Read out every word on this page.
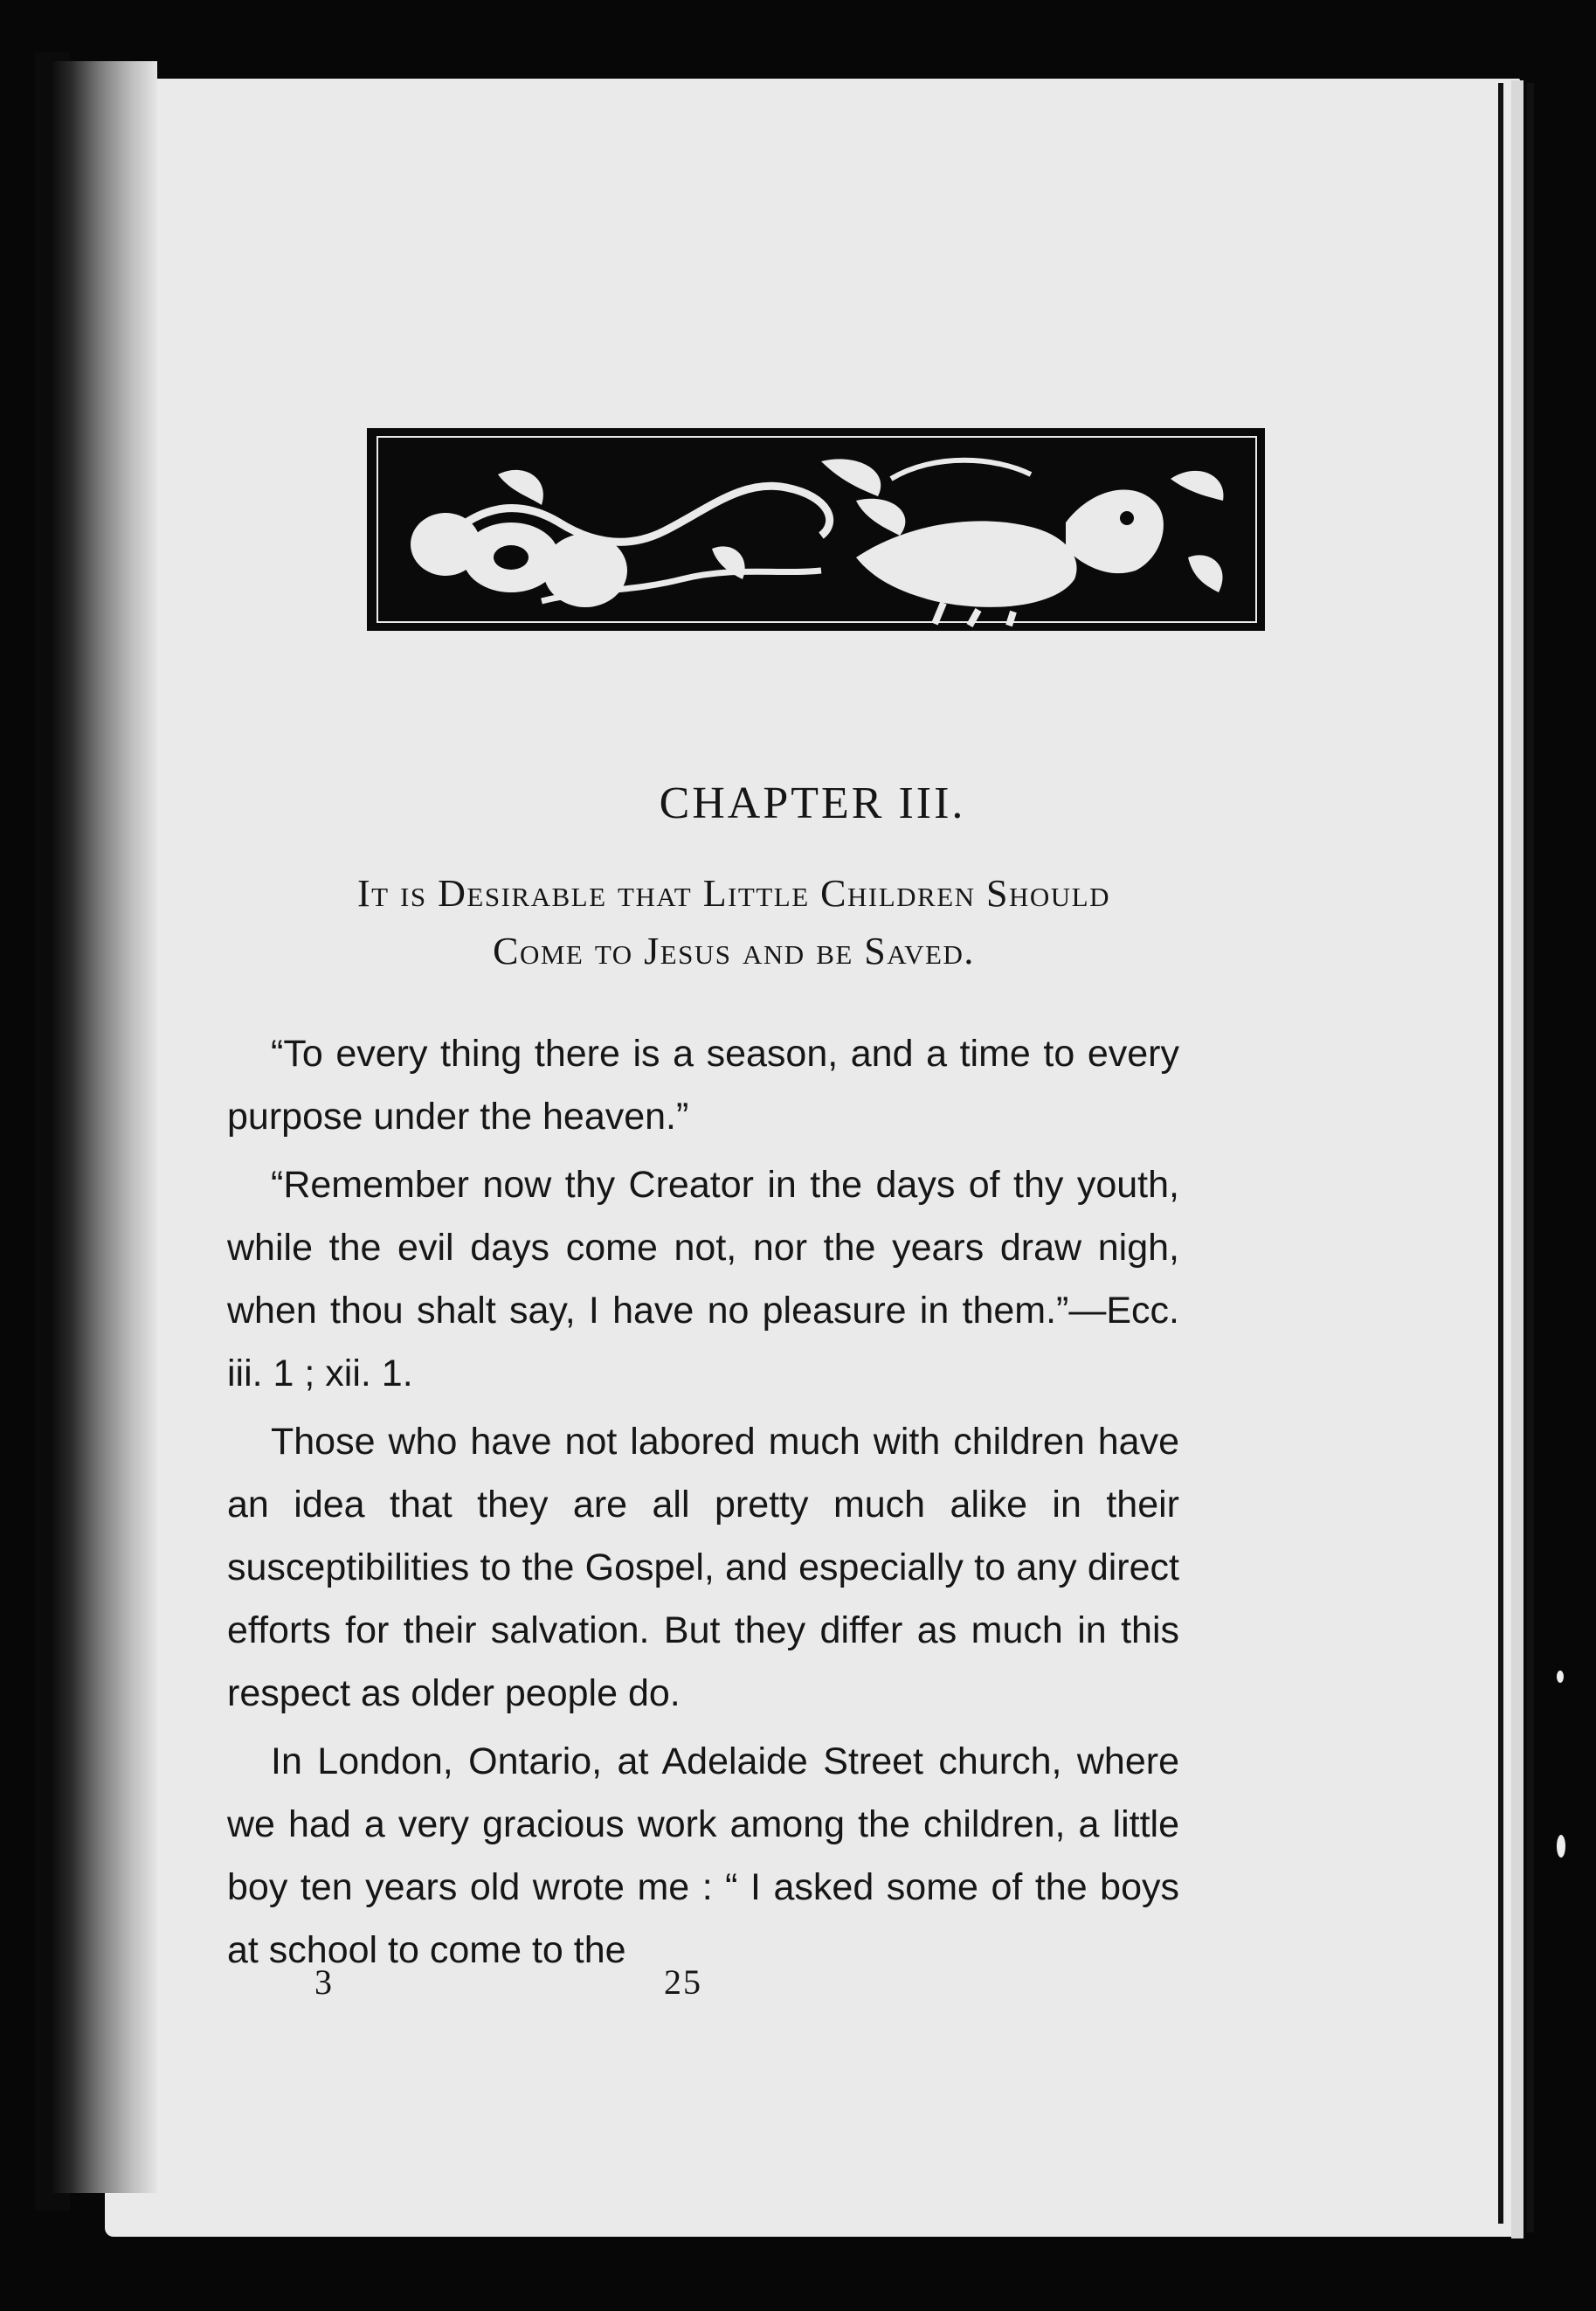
CHAPTER III.
It is Desirable that Little Children Should
Come to Jesus and be Saved.

“To every thing there is a season, and a time to every purpose under the heaven.”

“Remember now thy Creator in the days of thy youth, while the evil days come not, nor the years draw nigh, when thou shalt say, I have no pleasure in them.”—Ecc. iii. 1 ; xii. 1.

Those who have not labored much with children have an idea that they are all pretty much alike in their susceptibilities to the Gospel, and especially to any direct efforts for their salvation. But they differ as much in this respect as older people do.

In London, Ontario, at Adelaide Street church, where we had a very gracious work among the children, a little boy ten years old wrote me : “ I asked some of the boys at school to come to the

3	25
